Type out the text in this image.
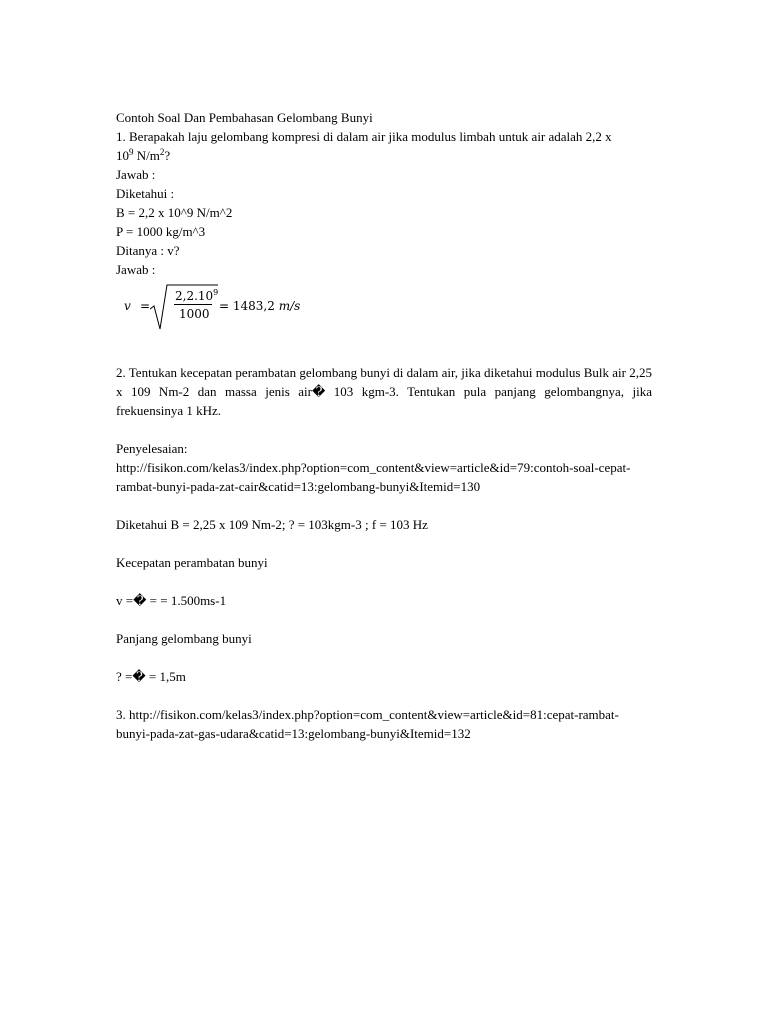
Contoh Soal Dan Pembahasan Gelombang Bunyi

1. Berapakah laju gelombang kompresi di dalam air jika modulus limbah untuk air adalah 2,2 x

$10^9$ $N/m^2$?

Jawab :

Diketahui :

B = 2,2 x 10^9 N/m^2

P = 1000 kg/m^3

Ditanya : v?

Jawab :

v =
$2,2.10^9$
1000
= 1483,2 m/s

2. Tentukan kecepatan perambatan gelombang bunyi di dalam air, jika diketahui modulus Bulk air 2,25 x 109 Nm-2 dan massa jenis air� 103 kgm-3. Tentukan pula panjang gelombangnya, jika frekuensinya 1 kHz.

Penyelesaian:

http://fisikon.com/kelas3/index.php?option=com_content&view=article&id=79:contoh-soal-cepat-rambat-bunyi-pada-zat-cair&catid=13:gelombang-bunyi&Itemid=130

Diketahui B = 2,25 x 109 Nm-2; ? = 103kgm-3 ; f = 103 Hz

Kecepatan perambatan bunyi

v =� = = 1.500ms-1

Panjang gelombang bunyi

? =� = 1,5m

3. http://fisikon.com/kelas3/index.php?option=com_content&view=article&id=81:cepat-rambat-bunyi-pada-zat-gas-udara&catid=13:gelombang-bunyi&Itemid=132
